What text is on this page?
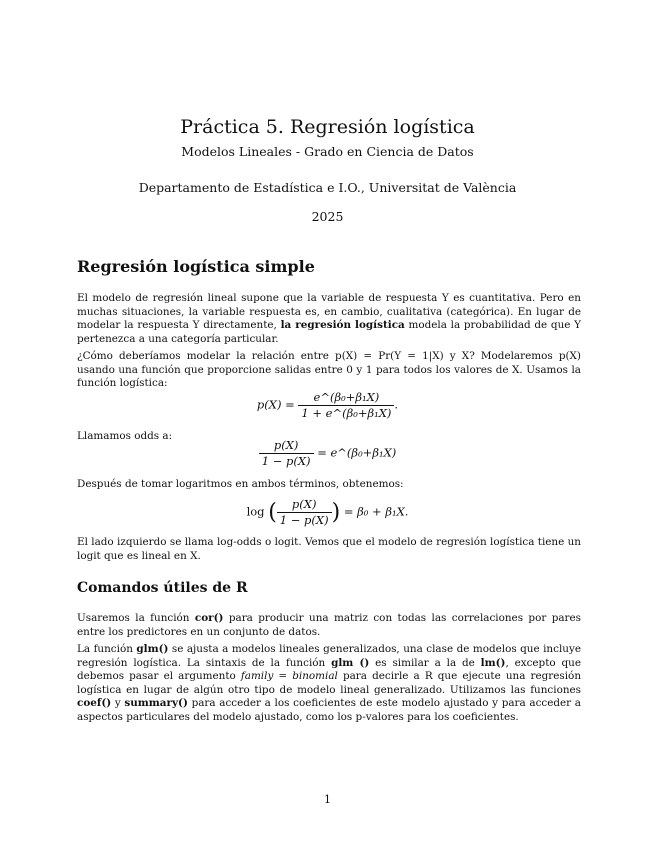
Práctica 5. Regresión logística
Modelos Lineales - Grado en Ciencia de Datos
Departamento de Estadística e I.O., Universitat de València
2025
Regresión logística simple

El modelo de regresión lineal supone que la variable de respuesta Y es cuantitativa. Pero en muchas situaciones, la variable respuesta es, en cambio, cualitativa (categórica). En lugar de modelar la respuesta Y directamente, la regresión logística modela la probabilidad de que Y pertenezca a una categoría particular.

¿Cómo deberíamos modelar la relación entre p(X) = Pr(Y = 1|X) y X? Modelaremos p(X) usando una función que proporcione salidas entre 0 y 1 para todos los valores de X. Usamos la función logística:

$p(X) = \frac{\text{e\textasciicircum{}(β₀+β₁X)}}{\text{1 + e\textasciicircum{}(β₀+β₁X)}}$ .

Llamamos odds a:

$\frac{p(X)}{1 - p(X)}$ = e^(β₀+β₁X)

Después de tomar logaritmos en ambos términos, obtenemos:

log ( $\frac{p(X)}{1 - p(X)}$ ) = β₀ + β₁X.

El lado izquierdo se llama log-odds o logit. Vemos que el modelo de regresión logística tiene un logit que es lineal en X.

Comandos útiles de R

Usaremos la función cor() para producir una matriz con todas las correlaciones por pares entre los predictores en un conjunto de datos.

La función glm() se ajusta a modelos lineales generalizados, una clase de modelos que incluye regresión logística. La sintaxis de la función glm () es similar a la de lm(), excepto que debemos pasar el argumento family = binomial para decirle a R que ejecute una regresión logística en lugar de algún otro tipo de modelo lineal generalizado. Utilizamos las funciones coef() y summary() para acceder a los coeficientes de este modelo ajustado y para acceder a aspectos particulares del modelo ajustado, como los p-valores para los coeficientes.

1
